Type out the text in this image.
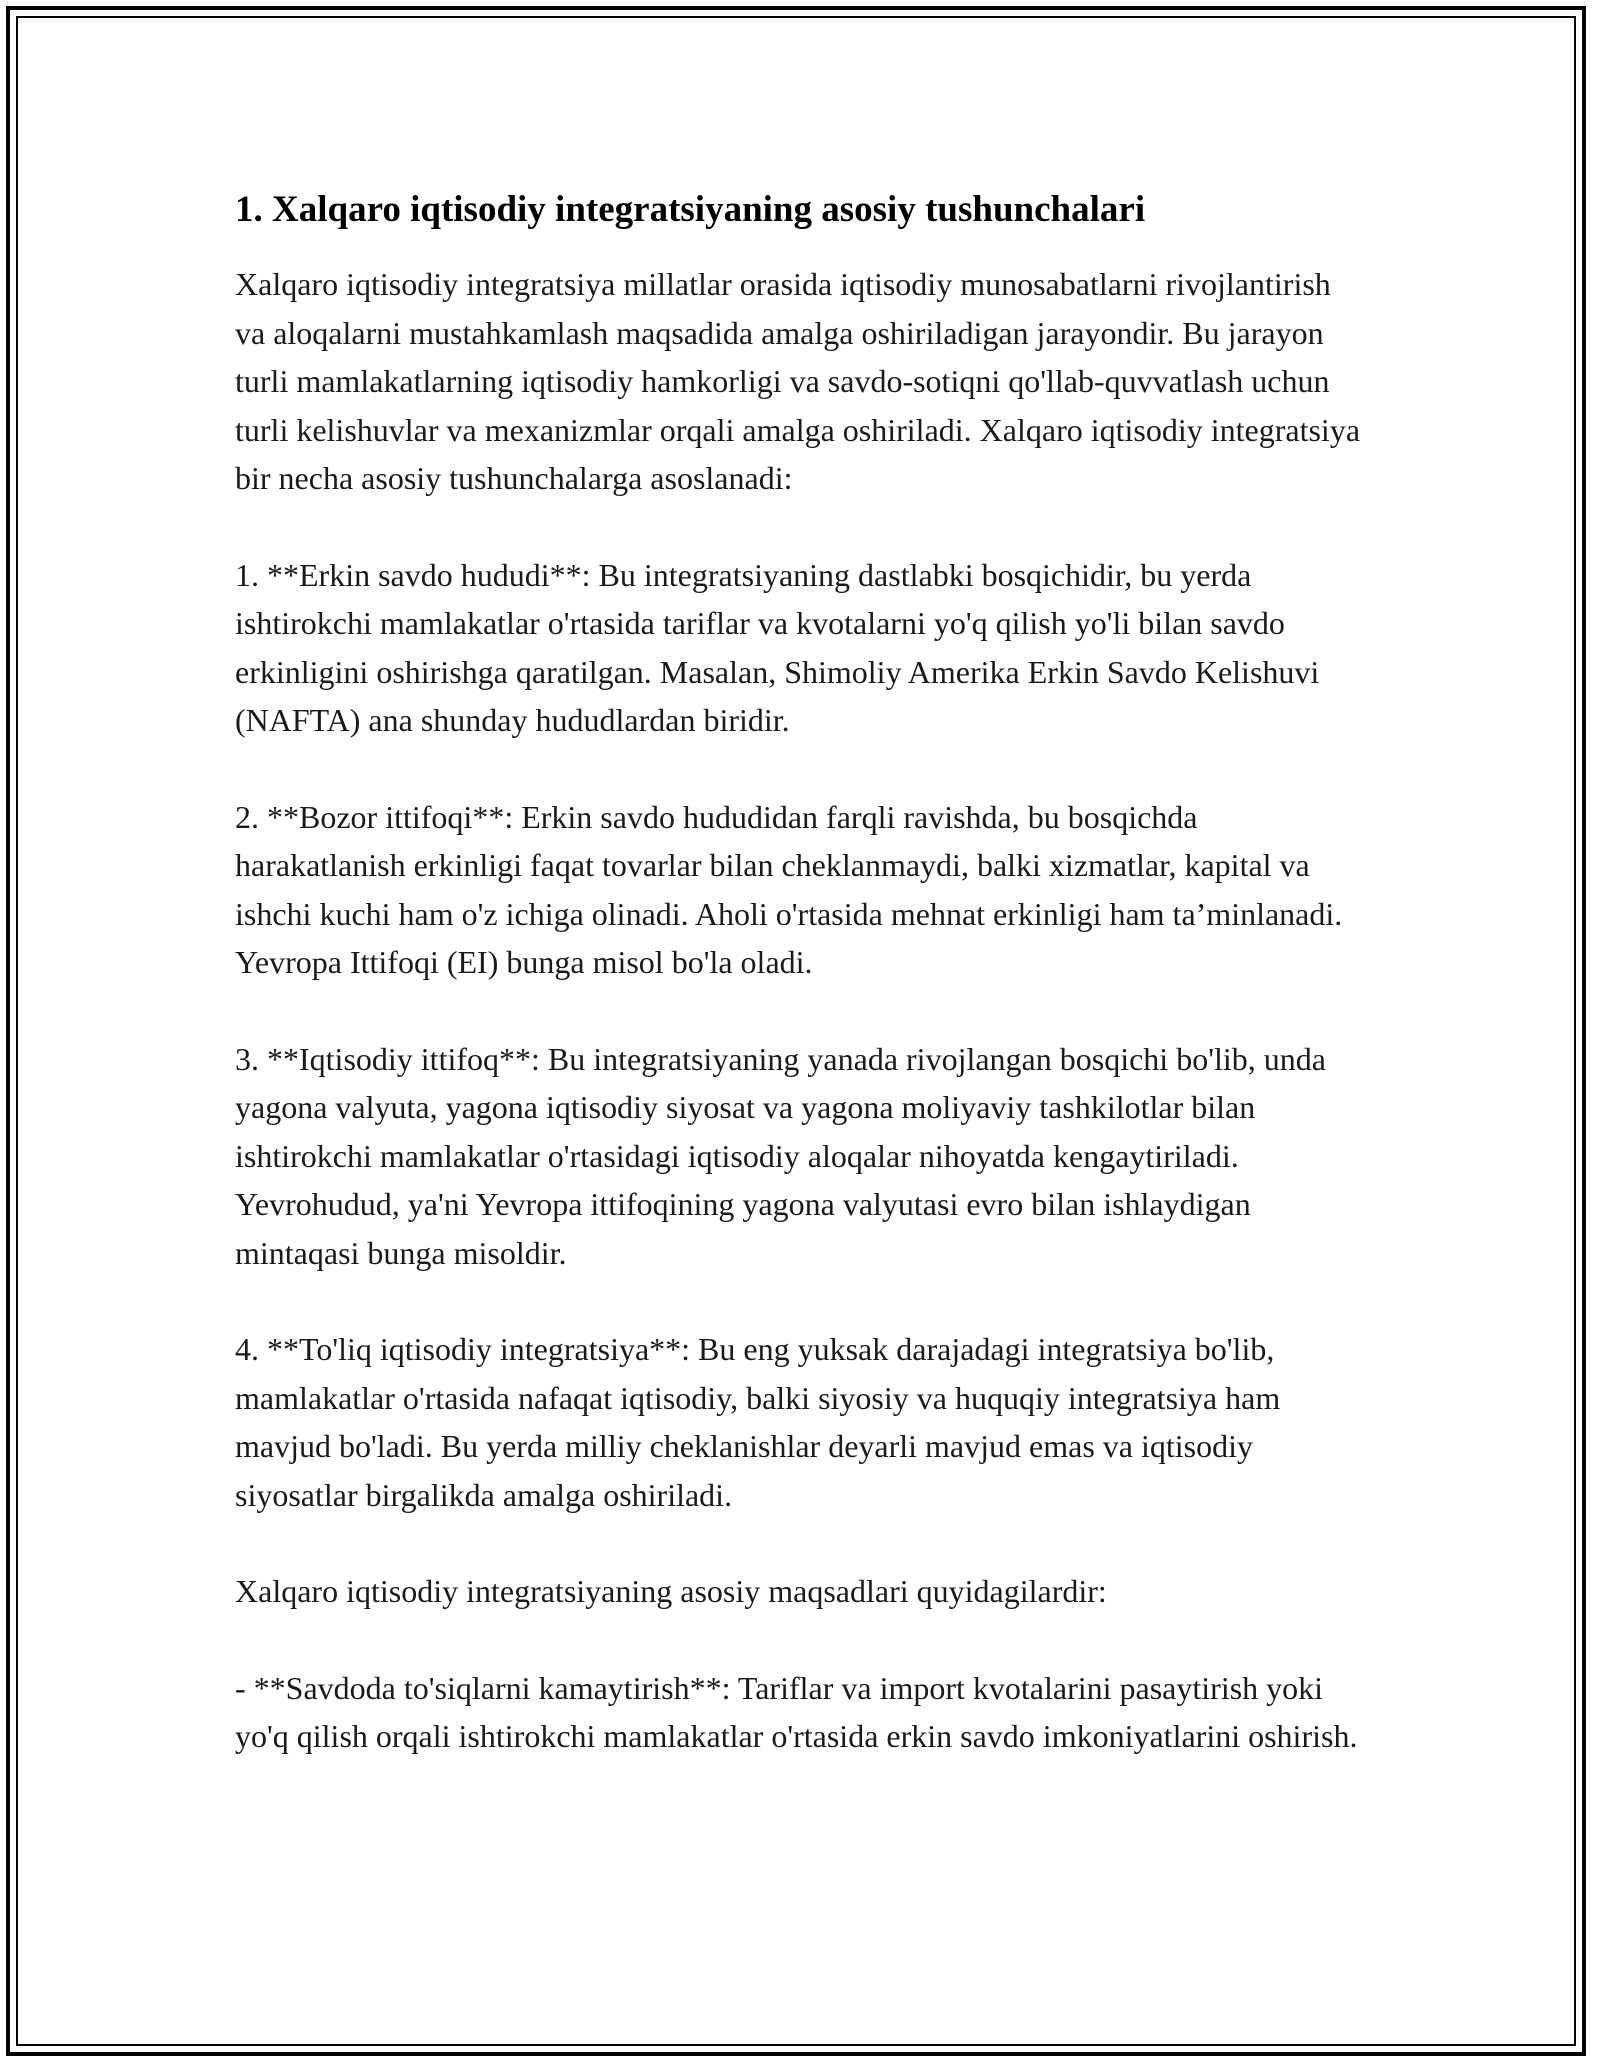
1. Xalqaro iqtisodiy integratsiyaning asosiy tushunchalari

Xalqaro iqtisodiy integratsiya millatlar orasida iqtisodiy munosabatlarni rivojlantirish va aloqalarni mustahkamlash maqsadida amalga oshiriladigan jarayondir. Bu jarayon turli mamlakatlarning iqtisodiy hamkorligi va savdo-sotiqni qo'llab-quvvatlash uchun turli kelishuvlar va mexanizmlar orqali amalga oshiriladi. Xalqaro iqtisodiy integratsiya bir necha asosiy tushunchalarga asoslanadi:

1. **Erkin savdo hududi**: Bu integratsiyaning dastlabki bosqichidir, bu yerda ishtirokchi mamlakatlar o'rtasida tariflar va kvotalarni yo'q qilish yo'li bilan savdo erkinligini oshirishga qaratilgan. Masalan, Shimoliy Amerika Erkin Savdo Kelishuvi (NAFTA) ana shunday hududlardan biridir.

2. **Bozor ittifoqi**: Erkin savdo hududidan farqli ravishda, bu bosqichda harakatlanish erkinligi faqat tovarlar bilan cheklanmaydi, balki xizmatlar, kapital va ishchi kuchi ham o'z ichiga olinadi. Aholi o'rtasida mehnat erkinligi ham ta’minlanadi. Yevropa Ittifoqi (EI) bunga misol bo'la oladi.

3. **Iqtisodiy ittifoq**: Bu integratsiyaning yanada rivojlangan bosqichi bo'lib, unda yagona valyuta, yagona iqtisodiy siyosat va yagona moliyaviy tashkilotlar bilan ishtirokchi mamlakatlar o'rtasidagi iqtisodiy aloqalar nihoyatda kengaytiriladi. Yevrohudud, ya'ni Yevropa ittifoqining yagona valyutasi evro bilan ishlaydigan mintaqasi bunga misoldir.

4. **To'liq iqtisodiy integratsiya**: Bu eng yuksak darajadagi integratsiya bo'lib, mamlakatlar o'rtasida nafaqat iqtisodiy, balki siyosiy va huquqiy integratsiya ham mavjud bo'ladi. Bu yerda milliy cheklanishlar deyarli mavjud emas va iqtisodiy siyosatlar birgalikda amalga oshiriladi.

Xalqaro iqtisodiy integratsiyaning asosiy maqsadlari quyidagilardir:

- **Savdoda to'siqlarni kamaytirish**: Tariflar va import kvotalarini pasaytirish yoki yo'q qilish orqali ishtirokchi mamlakatlar o'rtasida erkin savdo imkoniyatlarini oshirish.
